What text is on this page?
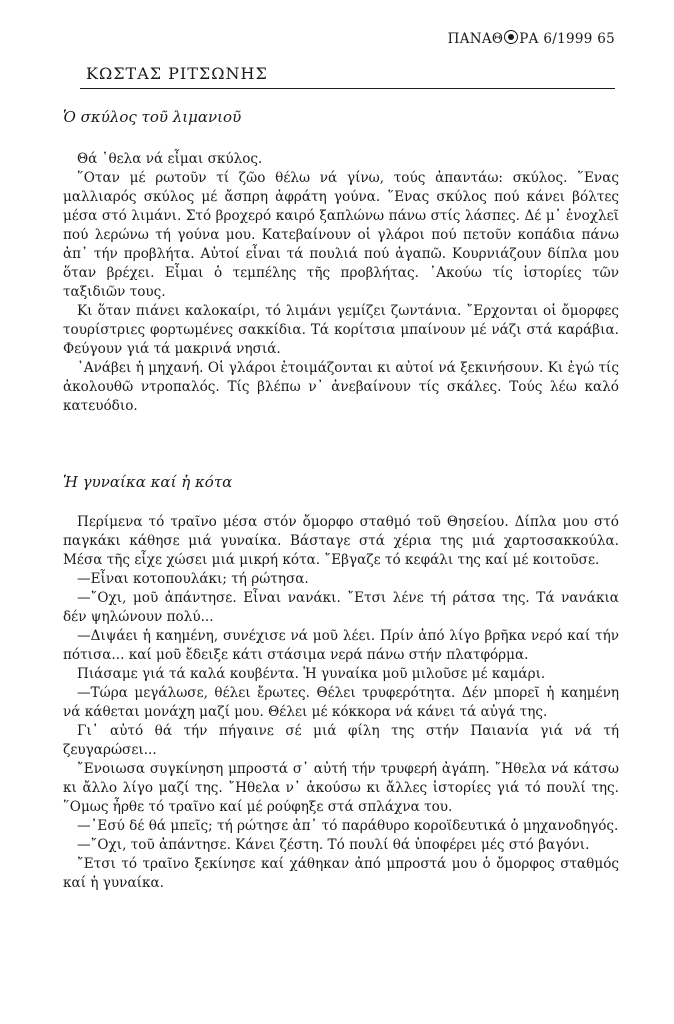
ΠΑΝΑΘ ΡΑ 6/1999 65
ΚΩΣΤΑΣ ΡΙΤΣΩΝΗΣ
Ὁ σκύλος τοῦ λιμανιοῦ

Θά ῾θελα νά εἶμαι σκύλος.

῞Οταν μέ ρωτοῦν τί ζῶο θέλω νά γίνω, τούς ἀπαντάω: σκύλος. ῞Ενας μαλλιαρός σκύλος μέ ἄσπρη ἀφράτη γούνα. ῞Ενας σκύλος πού κάνει βόλτες μέσα στό λιμάνι. Στό βροχερό καιρό ξαπλώνω πάνω στίς λάσπες. Δέ μ᾿ ἐνοχλεῖ πού λερώνω τή γούνα μου. Κατεβαίνουν οἱ γλάροι πού πετοῦν κοπάδια πάνω ἀπ᾿ τήν προβλήτα. Αὐτοί εἶναι τά πουλιά πού ἀγαπῶ. Κουρνιάζουν δίπλα μου ὅταν βρέχει. Εἶμαι ὁ τεμπέλης τῆς προβλήτας. ᾿Ακούω τίς ἱστορίες τῶν ταξιδιῶν τους.

Κι ὅταν πιάνει καλοκαίρι, τό λιμάνι γεμίζει ζωντάνια. ῎Ερχονται οἱ ὄμορφες τουρίστριες φορτωμένες σακκίδια. Τά κορίτσια μπαίνουν μέ νάζι στά καράβια. Φεύγουν γιά τά μακρινά νησιά.

᾿Ανάβει ἡ μηχανή. Οἱ γλάροι ἑτοιμάζονται κι αὐτοί νά ξεκινήσουν. Κι ἐγώ τίς ἀκολουθῶ ντροπαλός. Τίς βλέπω ν᾿ ἀνεβαίνουν τίς σκάλες. Τούς λέω καλό κατευόδιο.

Ἡ γυναίκα καί ἡ κότα

Περίμενα τό τραῖνο μέσα στόν ὄμορφο σταθμό τοῦ Θησείου. Δίπλα μου στό παγκάκι κάθησε μιά γυναίκα. Βάσταγε στά χέρια της μιά χαρτοσακκούλα. Μέσα τῆς εἶχε χώσει μιά μικρή κότα. ῎Εβγαζε τό κεφάλι της καί μέ κοιτοῦσε.

—Εἶναι κοτοπουλάκι; τή ρώτησα.

—῎Οχι, μοῦ ἀπάντησε. Εἶναι νανάκι. ῎Ετσι λένε τή ράτσα της. Τά νανάκια δέν ψηλώνουν πολύ...

—Διψάει ἡ καημένη, συνέχισε νά μοῦ λέει. Πρίν ἀπό λίγο βρῆκα νερό καί τήν πότισα... καί μοῦ ἔδειξε κάτι στάσιμα νερά πάνω στήν πλατφόρμα.

Πιάσαμε γιά τά καλά κουβέντα. Ἡ γυναίκα μοῦ μιλοῦσε μέ καμάρι.

—Τώρα μεγάλωσε, θέλει ἔρωτες. Θέλει τρυφερότητα. Δέν μπορεῖ ἡ καημένη νά κάθεται μονάχη μαζί μου. Θέλει μέ κόκκορα νά κάνει τά αὐγά της.

Γι᾿ αὐτό θά τήν πήγαινε σέ μιά φίλη της στήν Παιανία γιά νά τή ζευγαρώσει...

῎Ενοιωσα συγκίνηση μπροστά σ᾿ αὐτή τήν τρυφερή ἀγάπη. ῎Ηθελα νά κάτσω κι ἄλλο λίγο μαζί της. ῎Ηθελα ν᾿ ἀκούσω κι ἄλλες ἱστορίες γιά τό πουλί της. ῞Ομως ἦρθε τό τραῖνο καί μέ ρούφηξε στά σπλάχνα του.

—᾿Εσύ δέ θά μπεῖς; τή ρώτησε ἀπ᾿ τό παράθυρο κοροϊδευτικά ὁ μηχανοδηγός.

—῎Οχι, τοῦ ἀπάντησε. Κάνει ζέστη. Τό πουλί θά ὑποφέρει μές στό βαγόνι.

῎Ετσι τό τραῖνο ξεκίνησε καί χάθηκαν ἀπό μπροστά μου ὁ ὄμορφος σταθμός καί ἡ γυναίκα.
